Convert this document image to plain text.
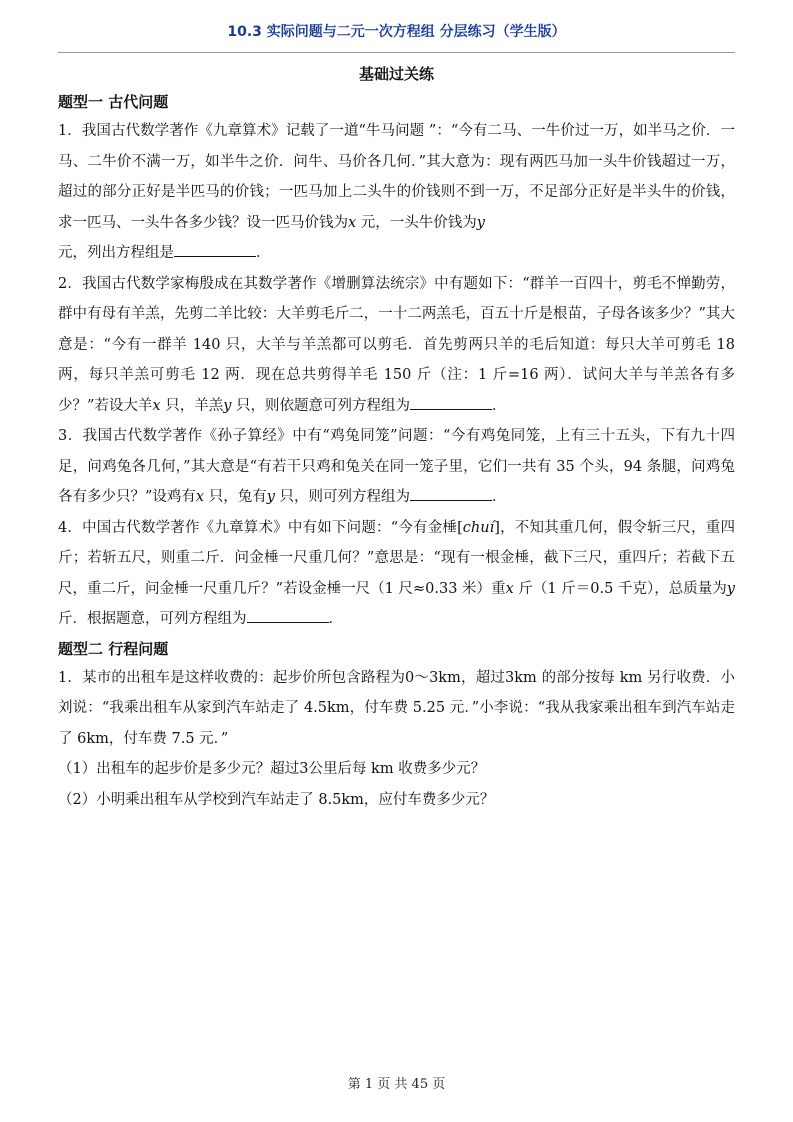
10.3 实际问题与二元一次方程组 分层练习（学生版）
基础过关练
题型一 古代问题
1．我国古代数学著作《九章算术》记载了一道“牛马问题 ”：“今有二马、一牛价过一万，如半马之价．一马、二牛价不满一万，如半牛之价．问牛、马价各几何．”其大意为：现有两匹马加一头牛价钱超过一万，超过的部分正好是半匹马的价钱；一匹马加上二头牛的价钱则不到一万，不足部分正好是半头牛的价钱，求一匹马、一头牛各多少钱？设一匹马价钱为x 元，一头牛价钱为y
元，列出方程组是	．
2．我国古代数学家梅殷成在其数学著作《增删算法统宗》中有题如下：“群羊一百四十，剪毛不惮勤劳，群中有母有羊羔，先剪二羊比较：大羊剪毛斤二，一十二两羔毛，百五十斤是根苗，子母各该多少？”其大意是：“今有一群羊 140 只，大羊与羊羔都可以剪毛．首先剪两只羊的毛后知道：每只大羊可剪毛 18 两，每只羊羔可剪毛 12 两．现在总共剪得羊毛 150 斤（注：1 斤=16 两）．试问大羊与羊羔各有多少？”若设大羊x 只，羊羔y 只，则依题意可列方程组为	．
3．我国古代数学著作《孙子算经》中有“鸡兔同笼”问题：“今有鸡兔同笼，上有三十五头，下有九十四足，问鸡兔各几何，”其大意是“有若干只鸡和兔关在同一笼子里，它们一共有 35 个头，94 条腿，问鸡兔各有多少只？”设鸡有x 只，兔有y 只，则可列方程组为	．
4．中国古代数学著作《九章算术》中有如下问题：“今有金棰[chuí]，不知其重几何，假令斩三尺，重四斤；若斩五尺，则重二斤．问金棰一尺重几何？”意思是：“现有一根金棰，截下三尺，重四斤；若截下五尺，重二斤，问金棰一尺重几斤？”若设金棰一尺（1 尺≈0.33 米）重x 斤（1 斤＝0.5 千克），总质量为y 斤．根据题意，可列方程组为	．
题型二 行程问题
1．某市的出租车是这样收费的：起步价所包含路程为0～3km，超过3km 的部分按每 km 另行收费．小刘说：“我乘出租车从家到汽车站走了 4.5km，付车费 5.25 元．”小李说：“我从我家乘出租车到汽车站走了 6km，付车费 7.5 元．”
（1）出租车的起步价是多少元？超过3公里后每 km 收费多少元？
（2）小明乘出租车从学校到汽车站走了 8.5km，应付车费多少元？
第 1 页 共 45 页
